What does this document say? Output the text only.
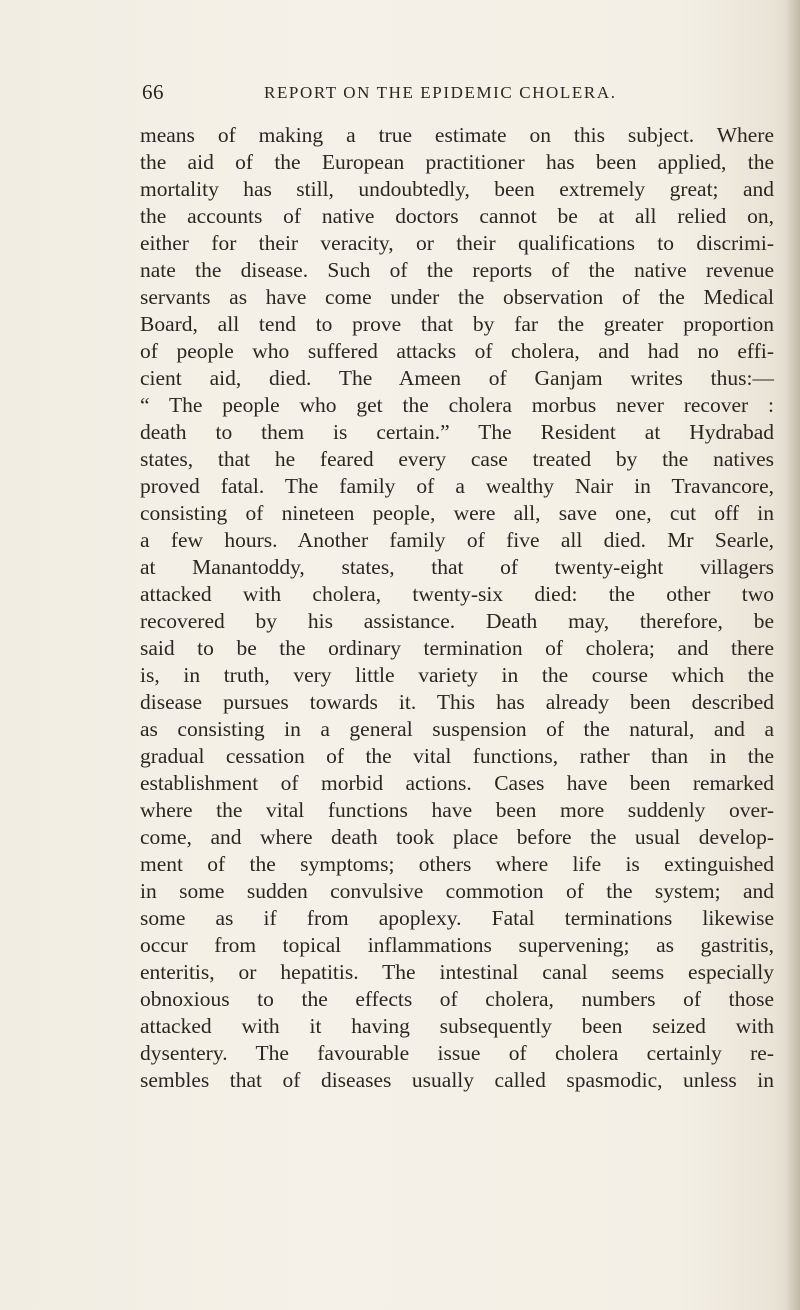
66	REPORT ON THE EPIDEMIC CHOLERA.
means of making a true estimate on this subject. Where
the aid of the European practitioner has been applied, the
mortality has still, undoubtedly, been extremely great; and
the accounts of native doctors cannot be at all relied on,
either for their veracity, or their qualifications to discrimi-
nate the disease. Such of the reports of the native revenue
servants as have come under the observation of the Medical
Board, all tend to prove that by far the greater proportion
of people who suffered attacks of cholera, and had no effi-
cient aid, died. The Ameen of Ganjam writes thus:—
“ The people who get the cholera morbus never recover :
death to them is certain.” The Resident at Hydrabad
states, that he feared every case treated by the natives
proved fatal. The family of a wealthy Nair in Travancore,
consisting of nineteen people, were all, save one, cut off in
a few hours. Another family of five all died. Mr Searle,
at Manantoddy, states, that of twenty-eight villagers
attacked with cholera, twenty-six died: the other two
recovered by his assistance. Death may, therefore, be
said to be the ordinary termination of cholera; and there
is, in truth, very little variety in the course which the
disease pursues towards it. This has already been described
as consisting in a general suspension of the natural, and a
gradual cessation of the vital functions, rather than in the
establishment of morbid actions. Cases have been remarked
where the vital functions have been more suddenly over-
come, and where death took place before the usual develop-
ment of the symptoms; others where life is extinguished
in some sudden convulsive commotion of the system; and
some as if from apoplexy. Fatal terminations likewise
occur from topical inflammations supervening; as gastritis,
enteritis, or hepatitis. The intestinal canal seems especially
obnoxious to the effects of cholera, numbers of those
attacked with it having subsequently been seized with
dysentery. The favourable issue of cholera certainly re-
sembles that of diseases usually called spasmodic, unless in
